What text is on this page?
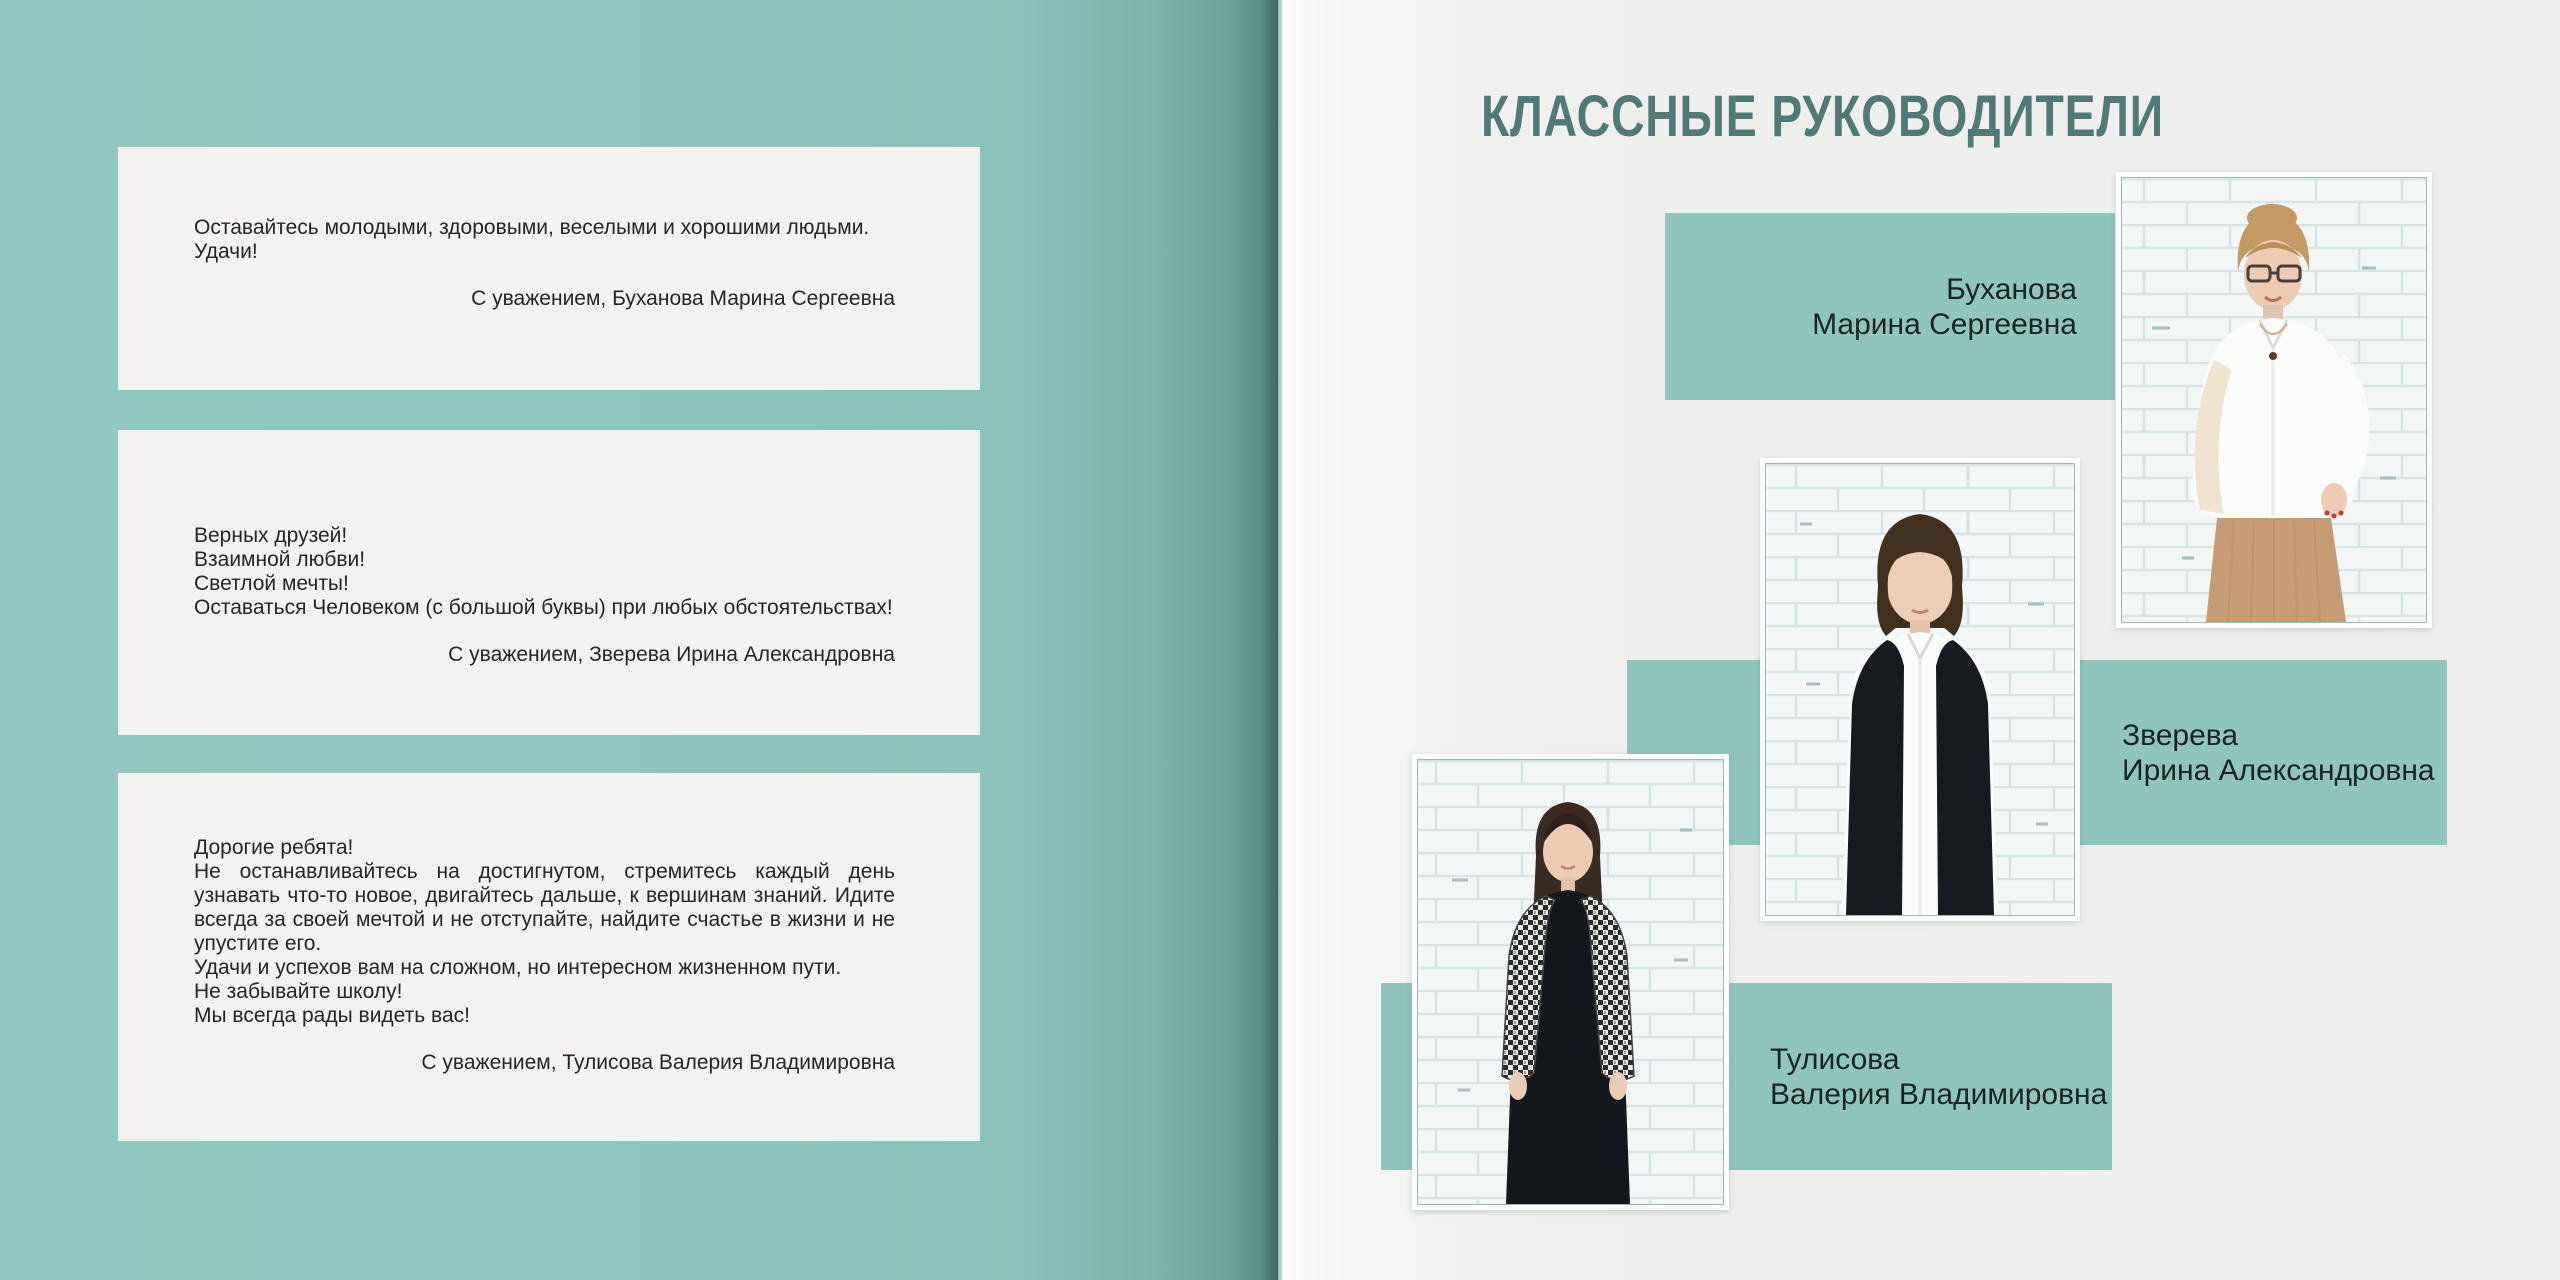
Оставайтесь молодыми, здоровыми, веселыми и хорошими людьми. Удачи!

С уважением, Буханова Марина Сергеевна

Верных друзей!

Взаимной любви!

Светлой мечты!

Оставаться Человеком (с большой буквы) при любых обстоятельствах!

С уважением, Зверева Ирина Александровна

Дорогие ребята!

Не останавливайтесь на достигнутом, стремитесь каждый день узнавать что-то новое, двигайтесь дальше, к вершинам знаний. Идите всегда за своей мечтой и не отступайте, найдите счастье в жизни и не упустите его.

Удачи и успехов вам на сложном, но интересном жизненном пути.

Не забывайте школу!

Мы всегда рады видеть вас!

С уважением, Тулисова Валерия Владимировна

КЛАССНЫЕ РУКОВОДИТЕЛИ
Буханова
Марина Сергеевна
Зверева
Ирина Александровна
Тулисова
Валерия Владимировна
